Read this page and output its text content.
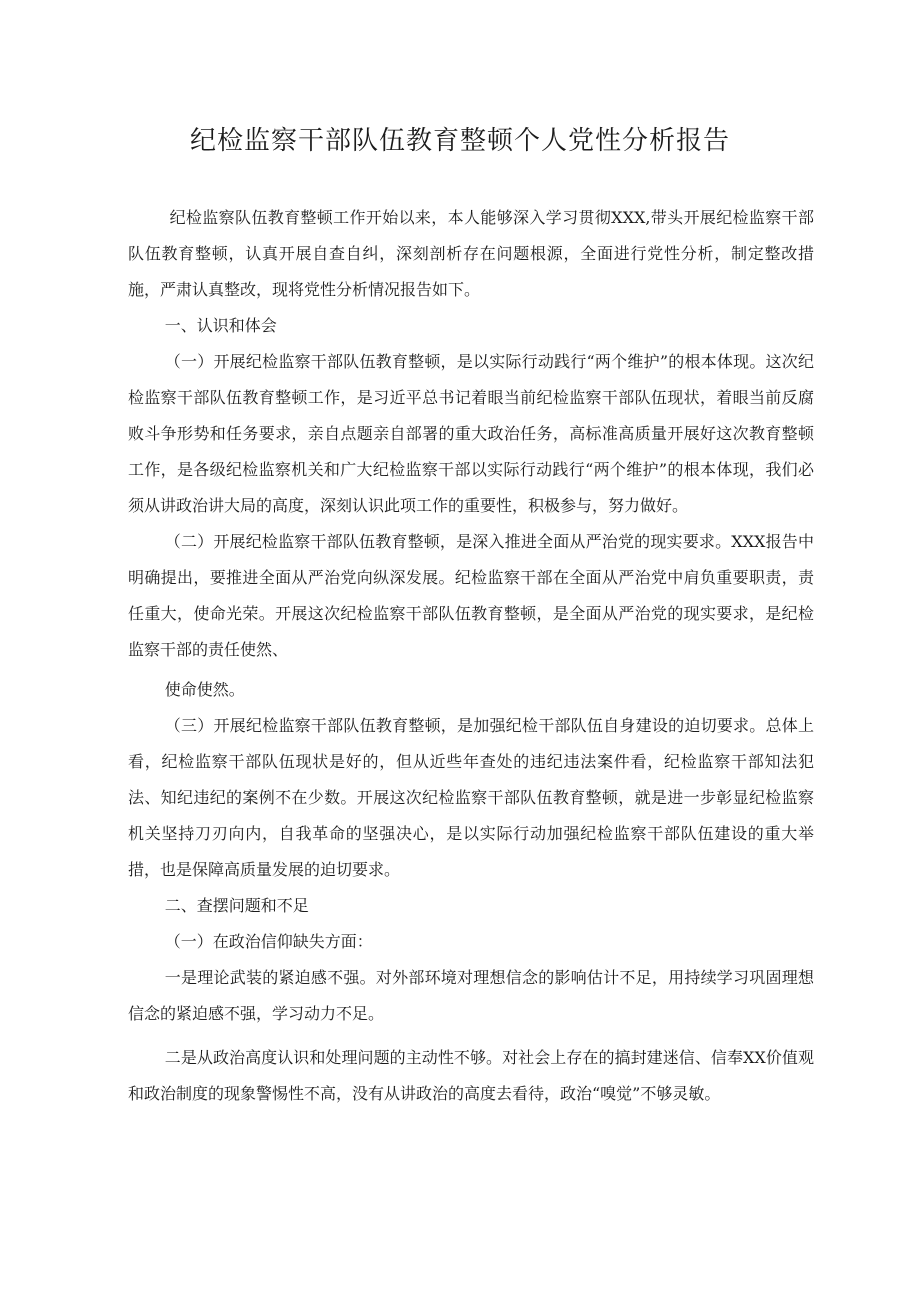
纪检监察干部队伍教育整顿个人党性分析报告

纪检监察队伍教育整顿工作开始以来，本人能够深入学习贯彻XXX,带头开展纪检监察干部队伍教育整顿，认真开展自查自纠，深刻剖析存在问题根源，全面进行党性分析，制定整改措施，严肃认真整改，现将党性分析情况报告如下。

一、认识和体会

（一）开展纪检监察干部队伍教育整顿，是以实际行动践行“两个维护”的根本体现。这次纪检监察干部队伍教育整顿工作，是习近平总书记着眼当前纪检监察干部队伍现状，着眼当前反腐败斗争形势和任务要求，亲自点题亲自部署的重大政治任务，高标准高质量开展好这次教育整顿工作，是各级纪检监察机关和广大纪检监察干部以实际行动践行“两个维护”的根本体现，我们必须从讲政治讲大局的高度，深刻认识此项工作的重要性，积极参与，努力做好。

（二）开展纪检监察干部队伍教育整顿，是深入推进全面从严治党的现实要求。XXX报告中明确提出，要推进全面从严治党向纵深发展。纪检监察干部在全面从严治党中肩负重要职责，责任重大，使命光荣。开展这次纪检监察干部队伍教育整顿，是全面从严治党的现实要求，是纪检监察干部的责任使然、

使命使然。

（三）开展纪检监察干部队伍教育整顿，是加强纪检干部队伍自身建设的迫切要求。总体上看，纪检监察干部队伍现状是好的，但从近些年查处的违纪违法案件看，纪检监察干部知法犯法、知纪违纪的案例不在少数。开展这次纪检监察干部队伍教育整顿，就是进一步彰显纪检监察机关坚持刀刃向内，自我革命的坚强决心，是以实际行动加强纪检监察干部队伍建设的重大举措，也是保障高质量发展的迫切要求。

二、查摆问题和不足

（一）在政治信仰缺失方面：

一是理论武装的紧迫感不强。对外部环境对理想信念的影响估计不足，用持续学习巩固理想信念的紧迫感不强，学习动力不足。

二是从政治高度认识和处理问题的主动性不够。对社会上存在的搞封建迷信、信奉XX价值观和政治制度的现象警惕性不高，没有从讲政治的高度去看待，政治“嗅觉”不够灵敏。
